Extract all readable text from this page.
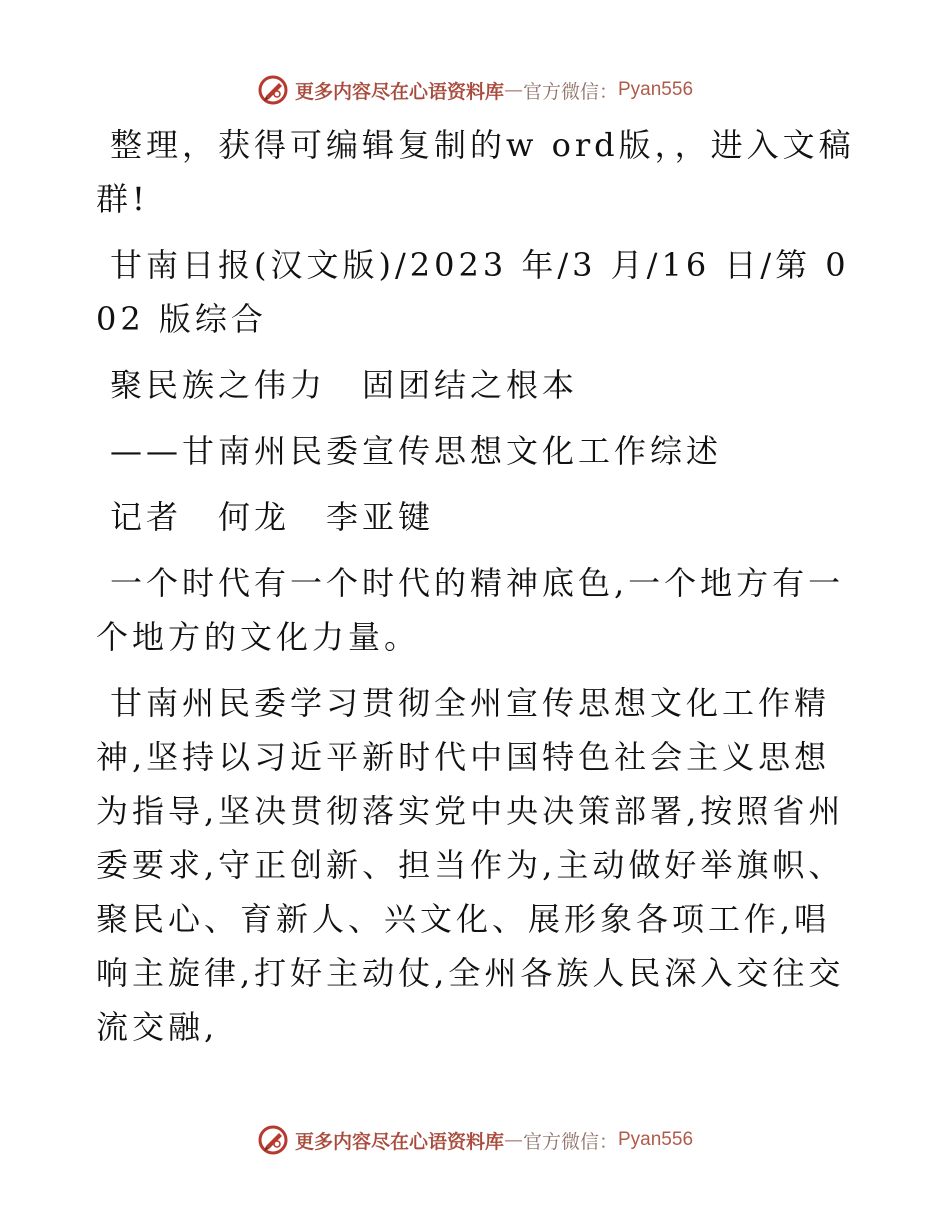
更多内容尽在心语资料库 — 官方微信： Pyan556

整理，获得可编辑复制的w ord版，，进入文稿群!

甘南日报(汉文版)/2023 年/3 月/16 日/第 002 版综合

聚民族之伟力　固团结之根本

——甘南州民委宣传思想文化工作综述

记者　何龙　李亚键

一个时代有一个时代的精神底色,一个地方有一个地方的文化力量。

甘南州民委学习贯彻全州宣传思想文化工作精神,坚持以习近平新时代中国特色社会主义思想为指导,坚决贯彻落实党中央决策部署,按照省州委要求,守正创新、担当作为,主动做好举旗帜、聚民心、育新人、兴文化、展形象各项工作,唱响主旋律,打好主动仗,全州各族人民深入交往交流交融,

更多内容尽在心语资料库 — 官方微信： Pyan556
